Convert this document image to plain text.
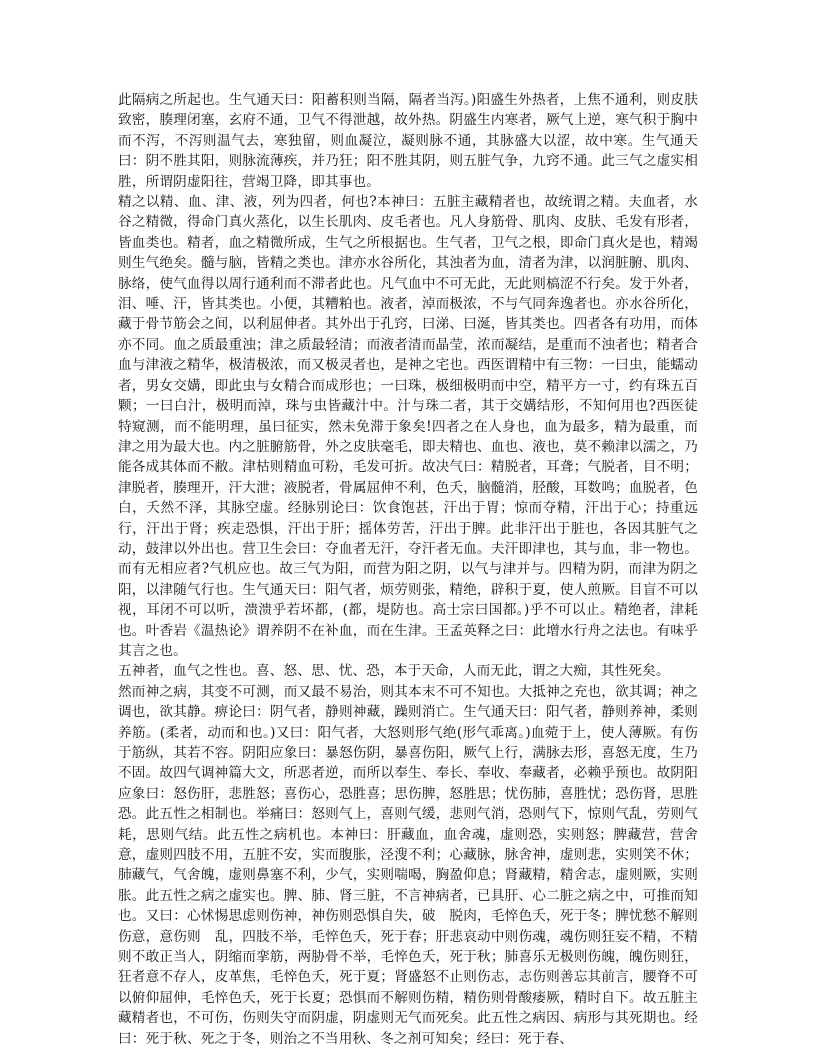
此隔病之所起也。生气通天曰：阳蓄积则当隔，隔者当泻。)阳盛生外热者，上焦不通利，则皮肤致密，腠理闭塞，玄府不通，卫气不得泄越，故外热。阴盛生内寒者，厥气上逆，寒气积于胸中而不泻，不泻则温气去，寒独留，则血凝泣，凝则脉不通，其脉盛大以涩，故中寒。生气通天曰：阴不胜其阳，则脉流薄疾，并乃狂；阳不胜其阴，则五脏气争，九窍不通。此三气之虚实相胜，所谓阴虚阳往，营竭卫降，即其事也。

精之以精、血、津、液，列为四者，何也?本神曰：五脏主藏精者也，故统谓之精。夫血者，水谷之精微，得命门真火蒸化，以生长肌肉、皮毛者也。凡人身筋骨、肌肉、皮肤、毛发有形者，皆血类也。精者，血之精微所成，生气之所根据也。生气者，卫气之根，即命门真火是也，精竭则生气绝矣。髓与脑，皆精之类也。津亦水谷所化，其浊者为血，清者为津，以润脏腑、肌肉、脉络，使气血得以周行通利而不滞者此也。凡气血中不可无此，无此则槁涩不行矣。发于外者，泪、唾、汗，皆其类也。小便，其糟粕也。液者，淖而极浓，不与气同奔逸者也。亦水谷所化，藏于骨节筋会之间，以利屈伸者。其外出于孔窍，曰涕、曰涎，皆其类也。四者各有功用，而体亦不同。血之质最重浊；津之质最轻清；而液者清而晶莹，浓而凝结，是重而不浊者也；精者合血与津液之精华，极清极浓，而又极灵者也，是神之宅也。西医谓精中有三物：一曰虫，能蠕动者，男女交媾，即此虫与女精合而成形也；一曰珠，极细极明而中空，精平方一寸，约有珠五百颗；一曰白汁，极明而淖，珠与虫皆藏汁中。汁与珠二者，其于交媾结形，不知何用也?西医徒特窥测，而不能明理，虽曰征实，然未免滞于象矣!四者之在人身也，血为最多，精为最重，而津之用为最大也。内之脏腑筋骨，外之皮肤毫毛，即夫精也、血也、液也，莫不赖津以濡之，乃能各成其体而不敝。津枯则精血可粉，毛发可折。故决气曰：精脱者，耳聋；气脱者，目不明；津脱者，腠理开，汗大泄；液脱者，骨属屈伸不利，色夭，脑髓消，胫酸，耳数鸣；血脱者，色白，夭然不泽，其脉空虚。经脉别论曰：饮食饱甚，汗出于胃；惊而夺精，汗出于心；持重远行，汗出于肾；疾走恐惧，汗出于肝；摇体劳苦，汗出于脾。此非汗出于脏也，各因其脏气之动，鼓津以外出也。营卫生会曰：夺血者无汗，夺汗者无血。夫汗即津也，其与血，非一物也。而有无相应者?气机应也。故三气为阳，而营为阳之阴，以气与津并与。四精为阴，而津为阴之阳，以津随气行也。生气通天曰：阳气者，烦劳则张，精绝，辟积于夏，使人煎厥。目盲不可以视，耳闭不可以听，溃溃乎若坏都，(都，堤防也。高士宗曰国都。)乎不可以止。精绝者，津耗也。叶香岩《温热论》谓养阴不在补血，而在生津。王孟英释之曰：此增水行舟之法也。有味乎其言之也。

五神者，血气之性也。喜、怒、思、忧、恐，本于天命，人而无此，谓之大痴，其性死矣。

然而神之病，其变不可测，而又最不易治，则其本末不可不知也。大抵神之充也，欲其调；神之调也，欲其静。痹论曰：阴气者，静则神藏，躁则消亡。生气通天曰：阳气者，静则养神，柔则养筋。(柔者，动而和也。)又曰：阳气者，大怒则形气绝(形气乖离。)血菀于上，使人薄厥。有伤于筋纵，其若不容。阴阳应象曰：暴怒伤阴，暴喜伤阳，厥气上行，满脉去形，喜怒无度，生乃不固。故四气调神篇大文，所恶者逆，而所以奉生、奉长、奉收、奉藏者，必赖乎预也。故阴阳应象曰：怒伤肝，悲胜怒；喜伤心，恐胜喜；思伤脾，怒胜思；忧伤肺，喜胜忧；恐伤肾，思胜恐。此五性之相制也。举痛曰：怒则气上，喜则气缓，悲则气消，恐则气下，惊则气乱，劳则气耗，思则气结。此五性之病机也。本神曰：肝藏血，血舍魂，虚则恐，实则怒；脾藏营，营舍意，虚则四肢不用，五脏不安，实而腹胀，泾溲不利；心藏脉，脉舍神，虚则悲，实则笑不休；肺藏气，气舍魄，虚则鼻塞不利，少气，实则喘喝，胸盈仰息；肾藏精，精舍志，虚则厥，实则胀。此五性之病之虚实也。脾、肺、肾三脏，不言神病者，已具肝、心二脏之病之中，可推而知也。又曰：心怵惕思虑则伤神，神伤则恐惧自失，破　脱肉，毛悴色夭，死于冬；脾忧愁不解则伤意，意伤则　乱，四肢不举，毛悴色夭，死于春；肝悲哀动中则伤魂，魂伤则狂妄不精，不精则不敢正当人，阴缩而挛筋，两胁骨不举，毛悴色夭，死于秋；肺喜乐无极则伤魄，魄伤则狂，狂者意不存人，皮革焦，毛悴色夭，死于夏；肾盛怒不止则伤志，志伤则善忘其前言，腰脊不可以俯仰屈伸，毛悴色夭，死于长夏；恐惧而不解则伤精，精伤则骨酸痿厥，精时自下。故五脏主藏精者也，不可伤，伤则失守而阴虚，阴虚则无气而死矣。此五性之病因、病形与其死期也。经曰：死于秋、死之于冬，则治之不当用秋、冬之剂可知矣；经曰：死于春、
